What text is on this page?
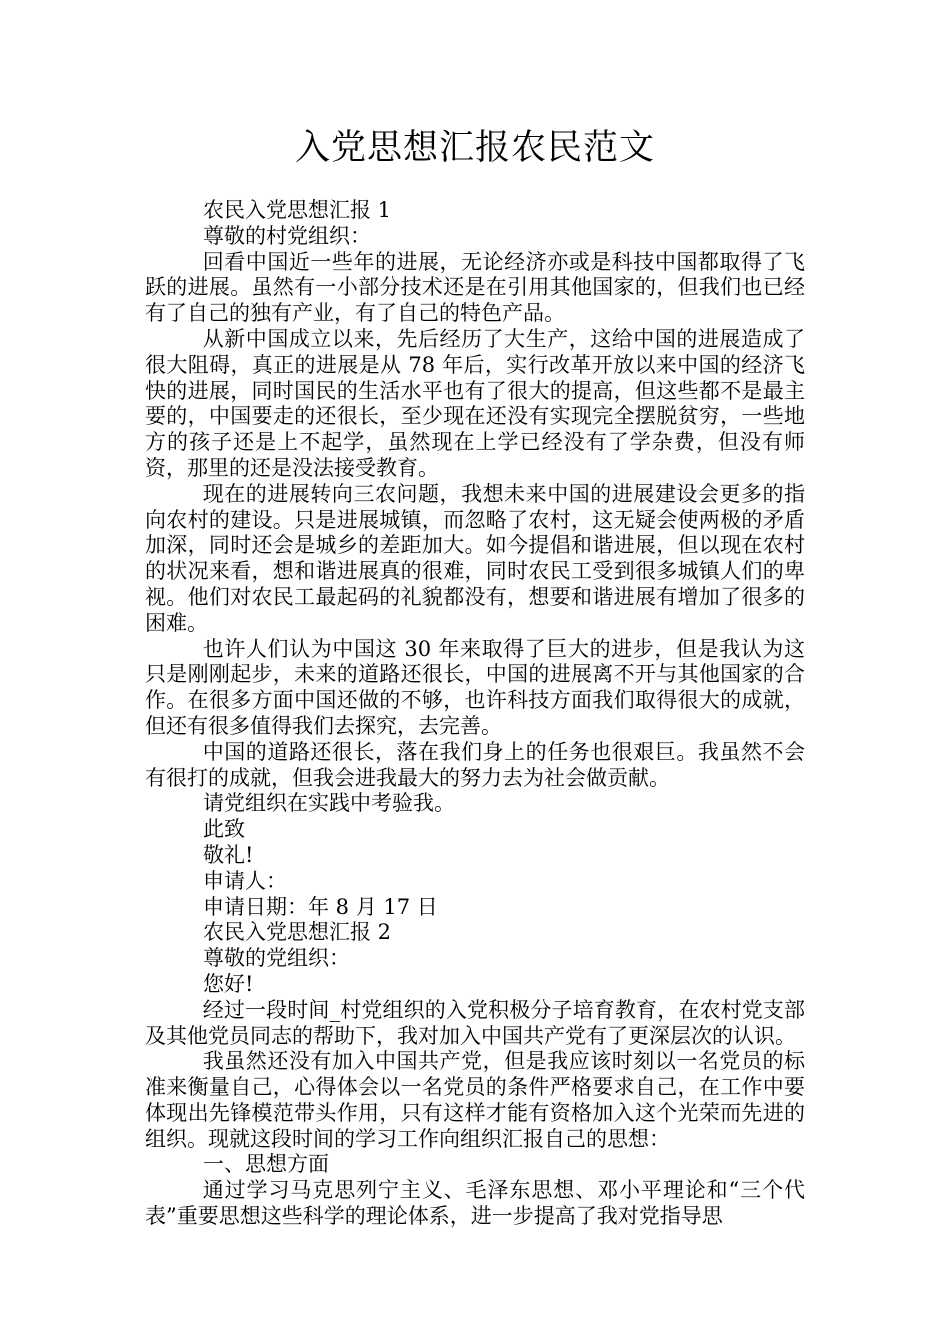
入党思想汇报农民范文

农民入党思想汇报 1

尊敬的村党组织：

回看中国近一些年的进展，无论经济亦或是科技中国都取得了飞跃的进展。虽然有一小部分技术还是在引用其他国家的，但我们也已经有了自己的独有产业，有了自己的特色产品。

从新中国成立以来，先后经历了大生产，这给中国的进展造成了很大阻碍，真正的进展是从 78 年后，实行改革开放以来中国的经济飞快的进展，同时国民的生活水平也有了很大的提高，但这些都不是最主要的，中国要走的还很长，至少现在还没有实现完全摆脱贫穷，一些地方的孩子还是上不起学，虽然现在上学已经没有了学杂费，但没有师资，那里的还是没法接受教育。

现在的进展转向三农问题，我想未来中国的进展建设会更多的指向农村的建设。只是进展城镇，而忽略了农村，这无疑会使两极的矛盾加深，同时还会是城乡的差距加大。如今提倡和谐进展，但以现在农村的状况来看，想和谐进展真的很难，同时农民工受到很多城镇人们的卑视。他们对农民工最起码的礼貌都没有，想要和谐进展有增加了很多的困难。

也许人们认为中国这 30 年来取得了巨大的进步，但是我认为这只是刚刚起步，未来的道路还很长，中国的进展离不开与其他国家的合作。在很多方面中国还做的不够，也许科技方面我们取得很大的成就，但还有很多值得我们去探究，去完善。

中国的道路还很长，落在我们身上的任务也很艰巨。我虽然不会有很打的成就，但我会进我最大的努力去为社会做贡献。

请党组织在实践中考验我。

此致

敬礼!

申请人：

申请日期：年 8 月 17 日

农民入党思想汇报 2

尊敬的党组织：

您好!

经过一段时间_村党组织的入党积极分子培育教育，在农村党支部及其他党员同志的帮助下，我对加入中国共产党有了更深层次的认识。

我虽然还没有加入中国共产党，但是我应该时刻以一名党员的标准来衡量自己，心得体会以一名党员的条件严格要求自己，在工作中要体现出先锋模范带头作用，只有这样才能有资格加入这个光荣而先进的组织。现就这段时间的学习工作向组织汇报自己的思想：

一、思想方面

通过学习马克思列宁主义、毛泽东思想、邓小平理论和“三个代表”重要思想这些科学的理论体系，进一步提高了我对党指导思
